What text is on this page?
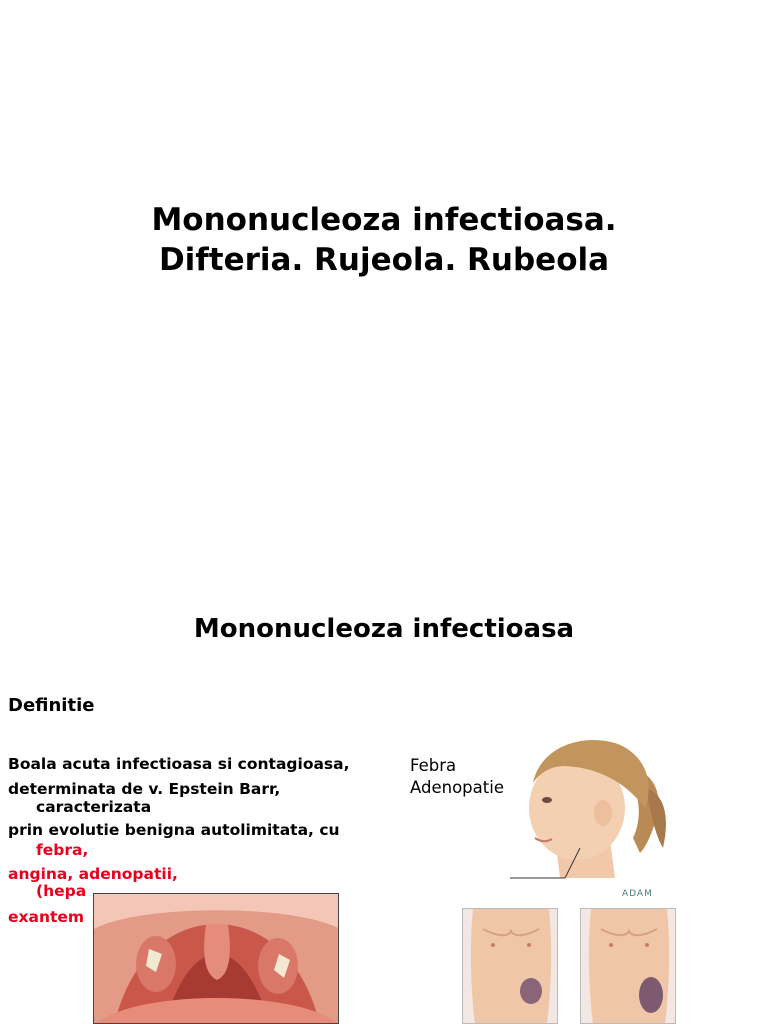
Mononucleoza infectioasa.
Difteria. Rujeola. Rubeola
Mononucleoza infectioasa
Definitie
Boala acuta infectioasa si contagioasa,
determinata de v. Epstein Barr,
caracterizata
prin evolutie benigna autolimitata, cu
febra,
angina, adenopatii,
(hepa
exantem
Febra
Adenopatie
ADAM
